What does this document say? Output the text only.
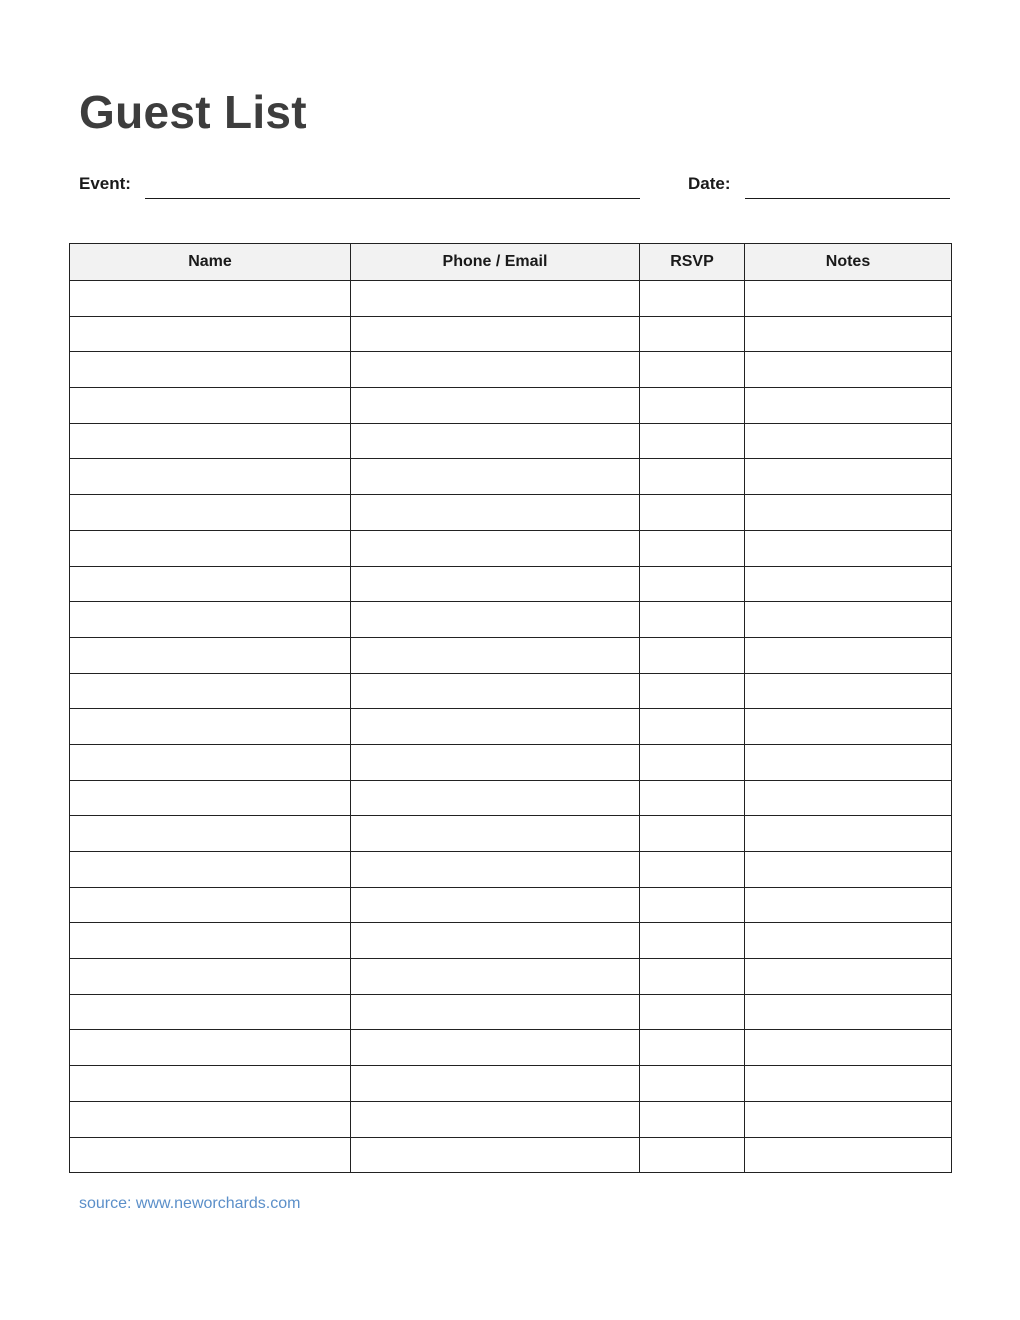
Guest List
Event:	Date:
Name	Phone / Email	RSVP	Notes

source: www.neworchards.com
